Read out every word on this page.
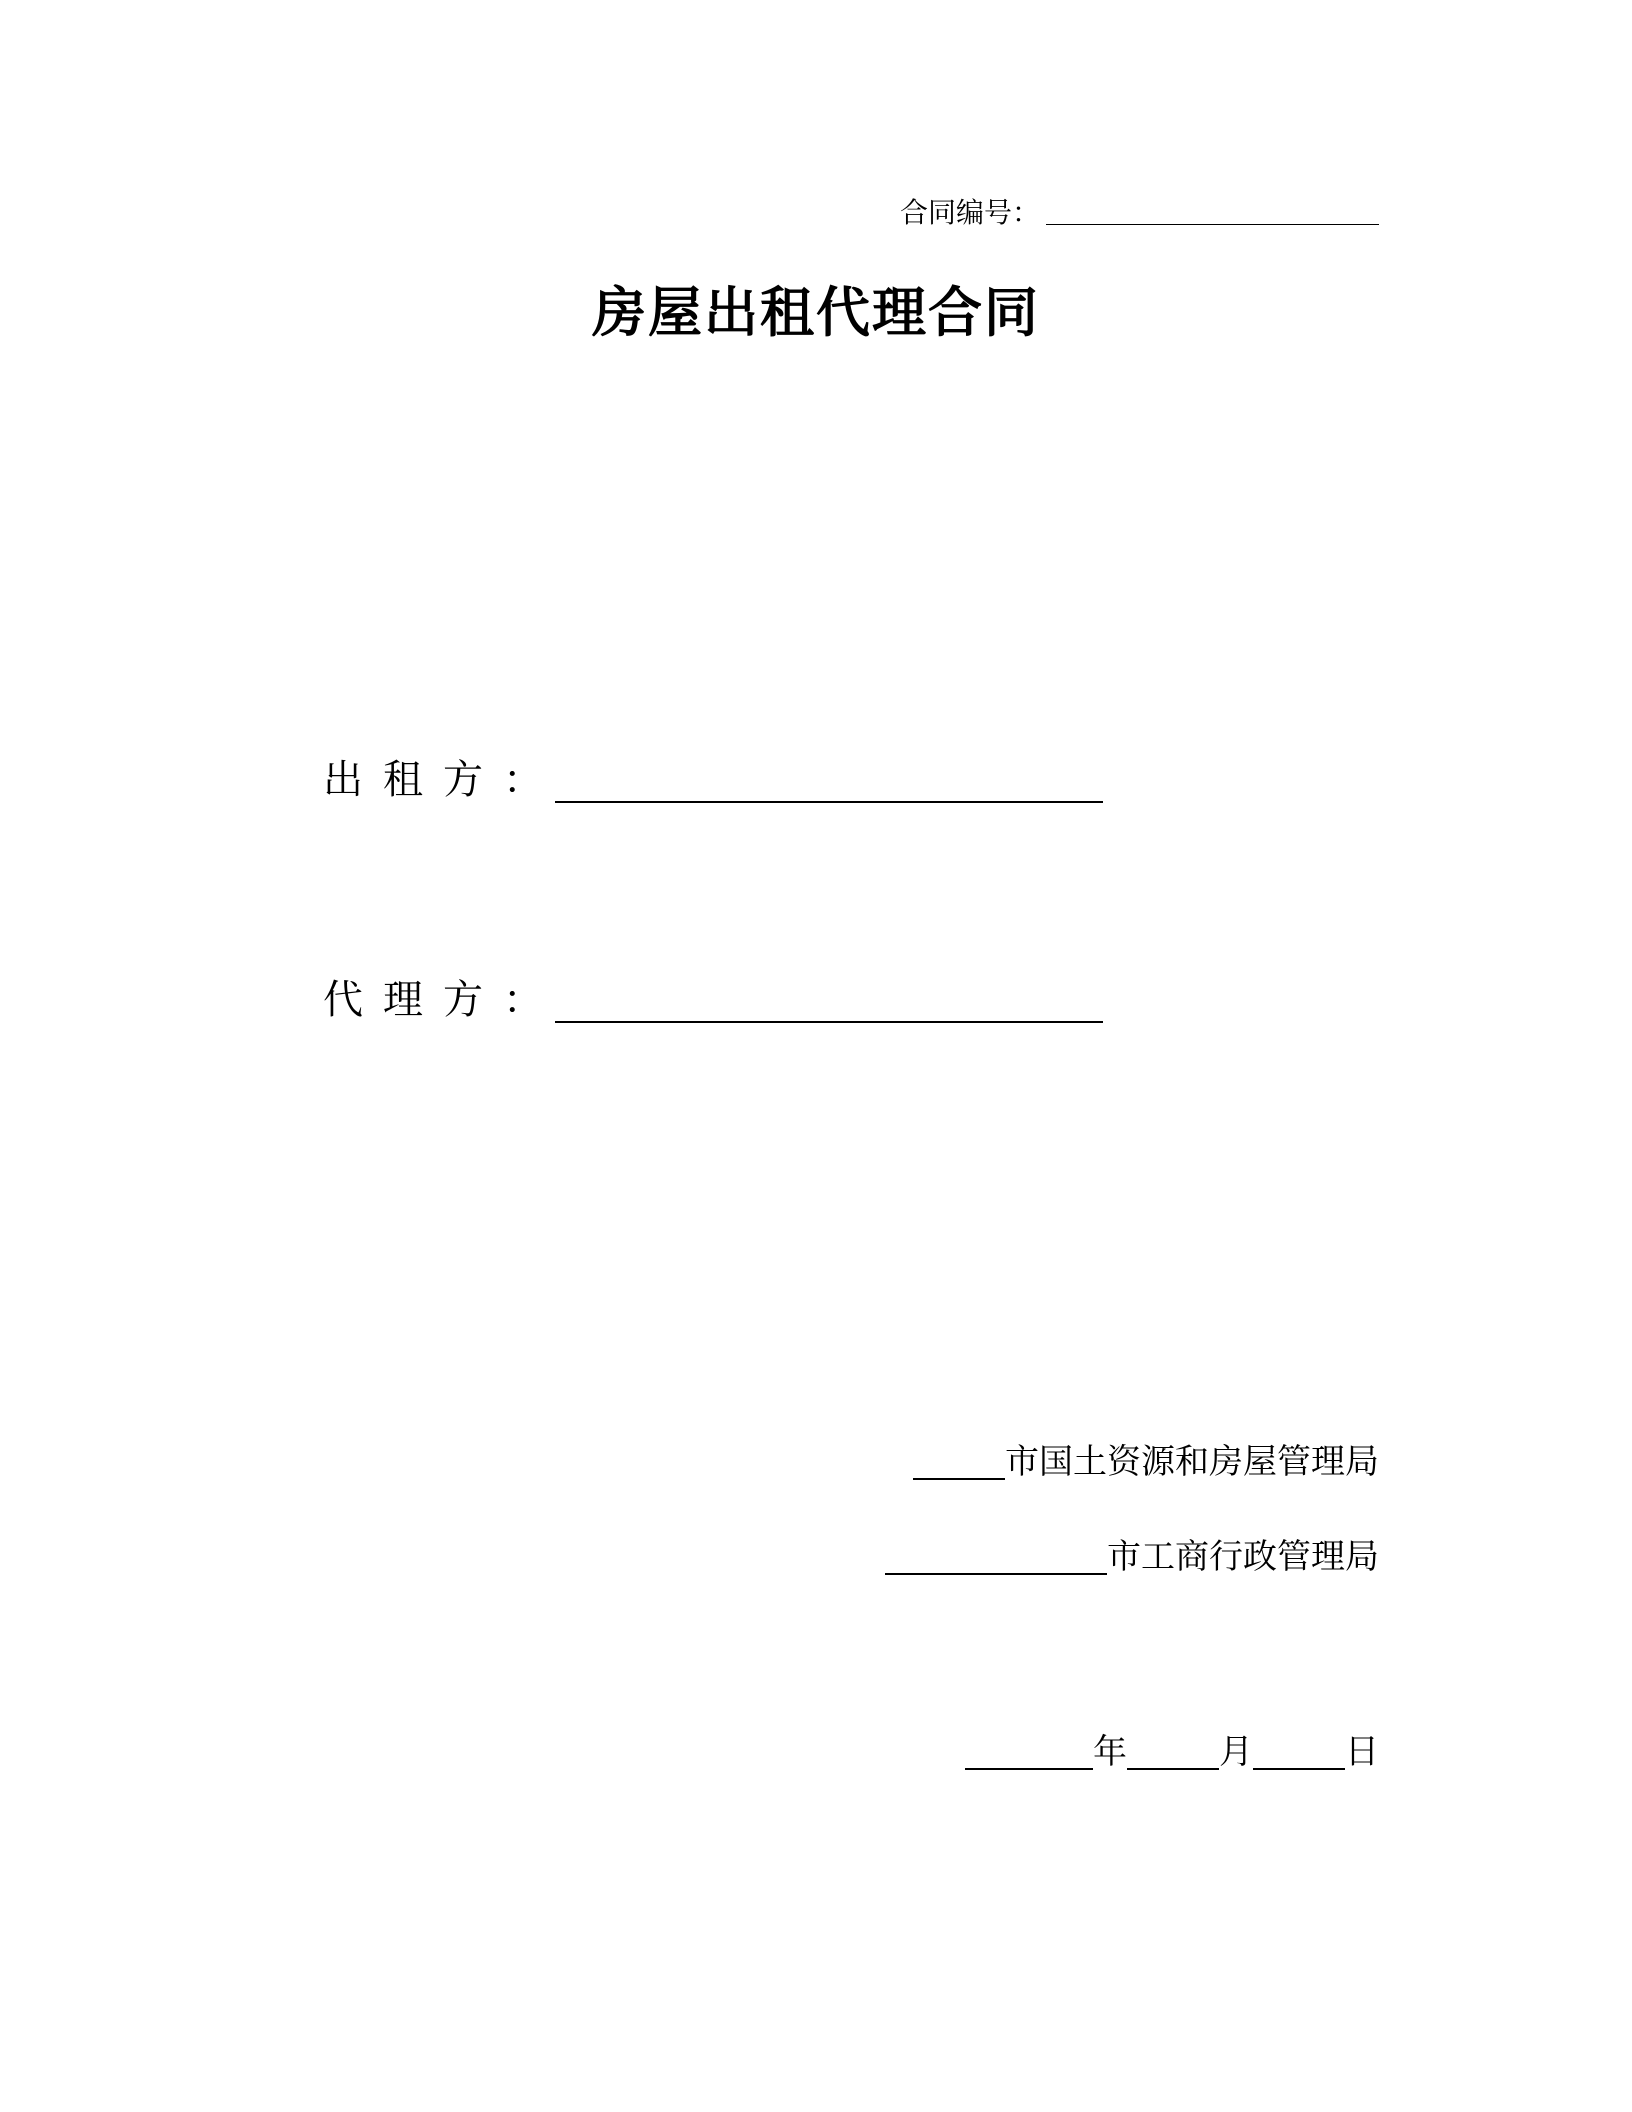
合同编号：
房屋出租代理合同
出租方：
代理方：
市国土资源和房屋管理局
市工商行政管理局
年	月	日
